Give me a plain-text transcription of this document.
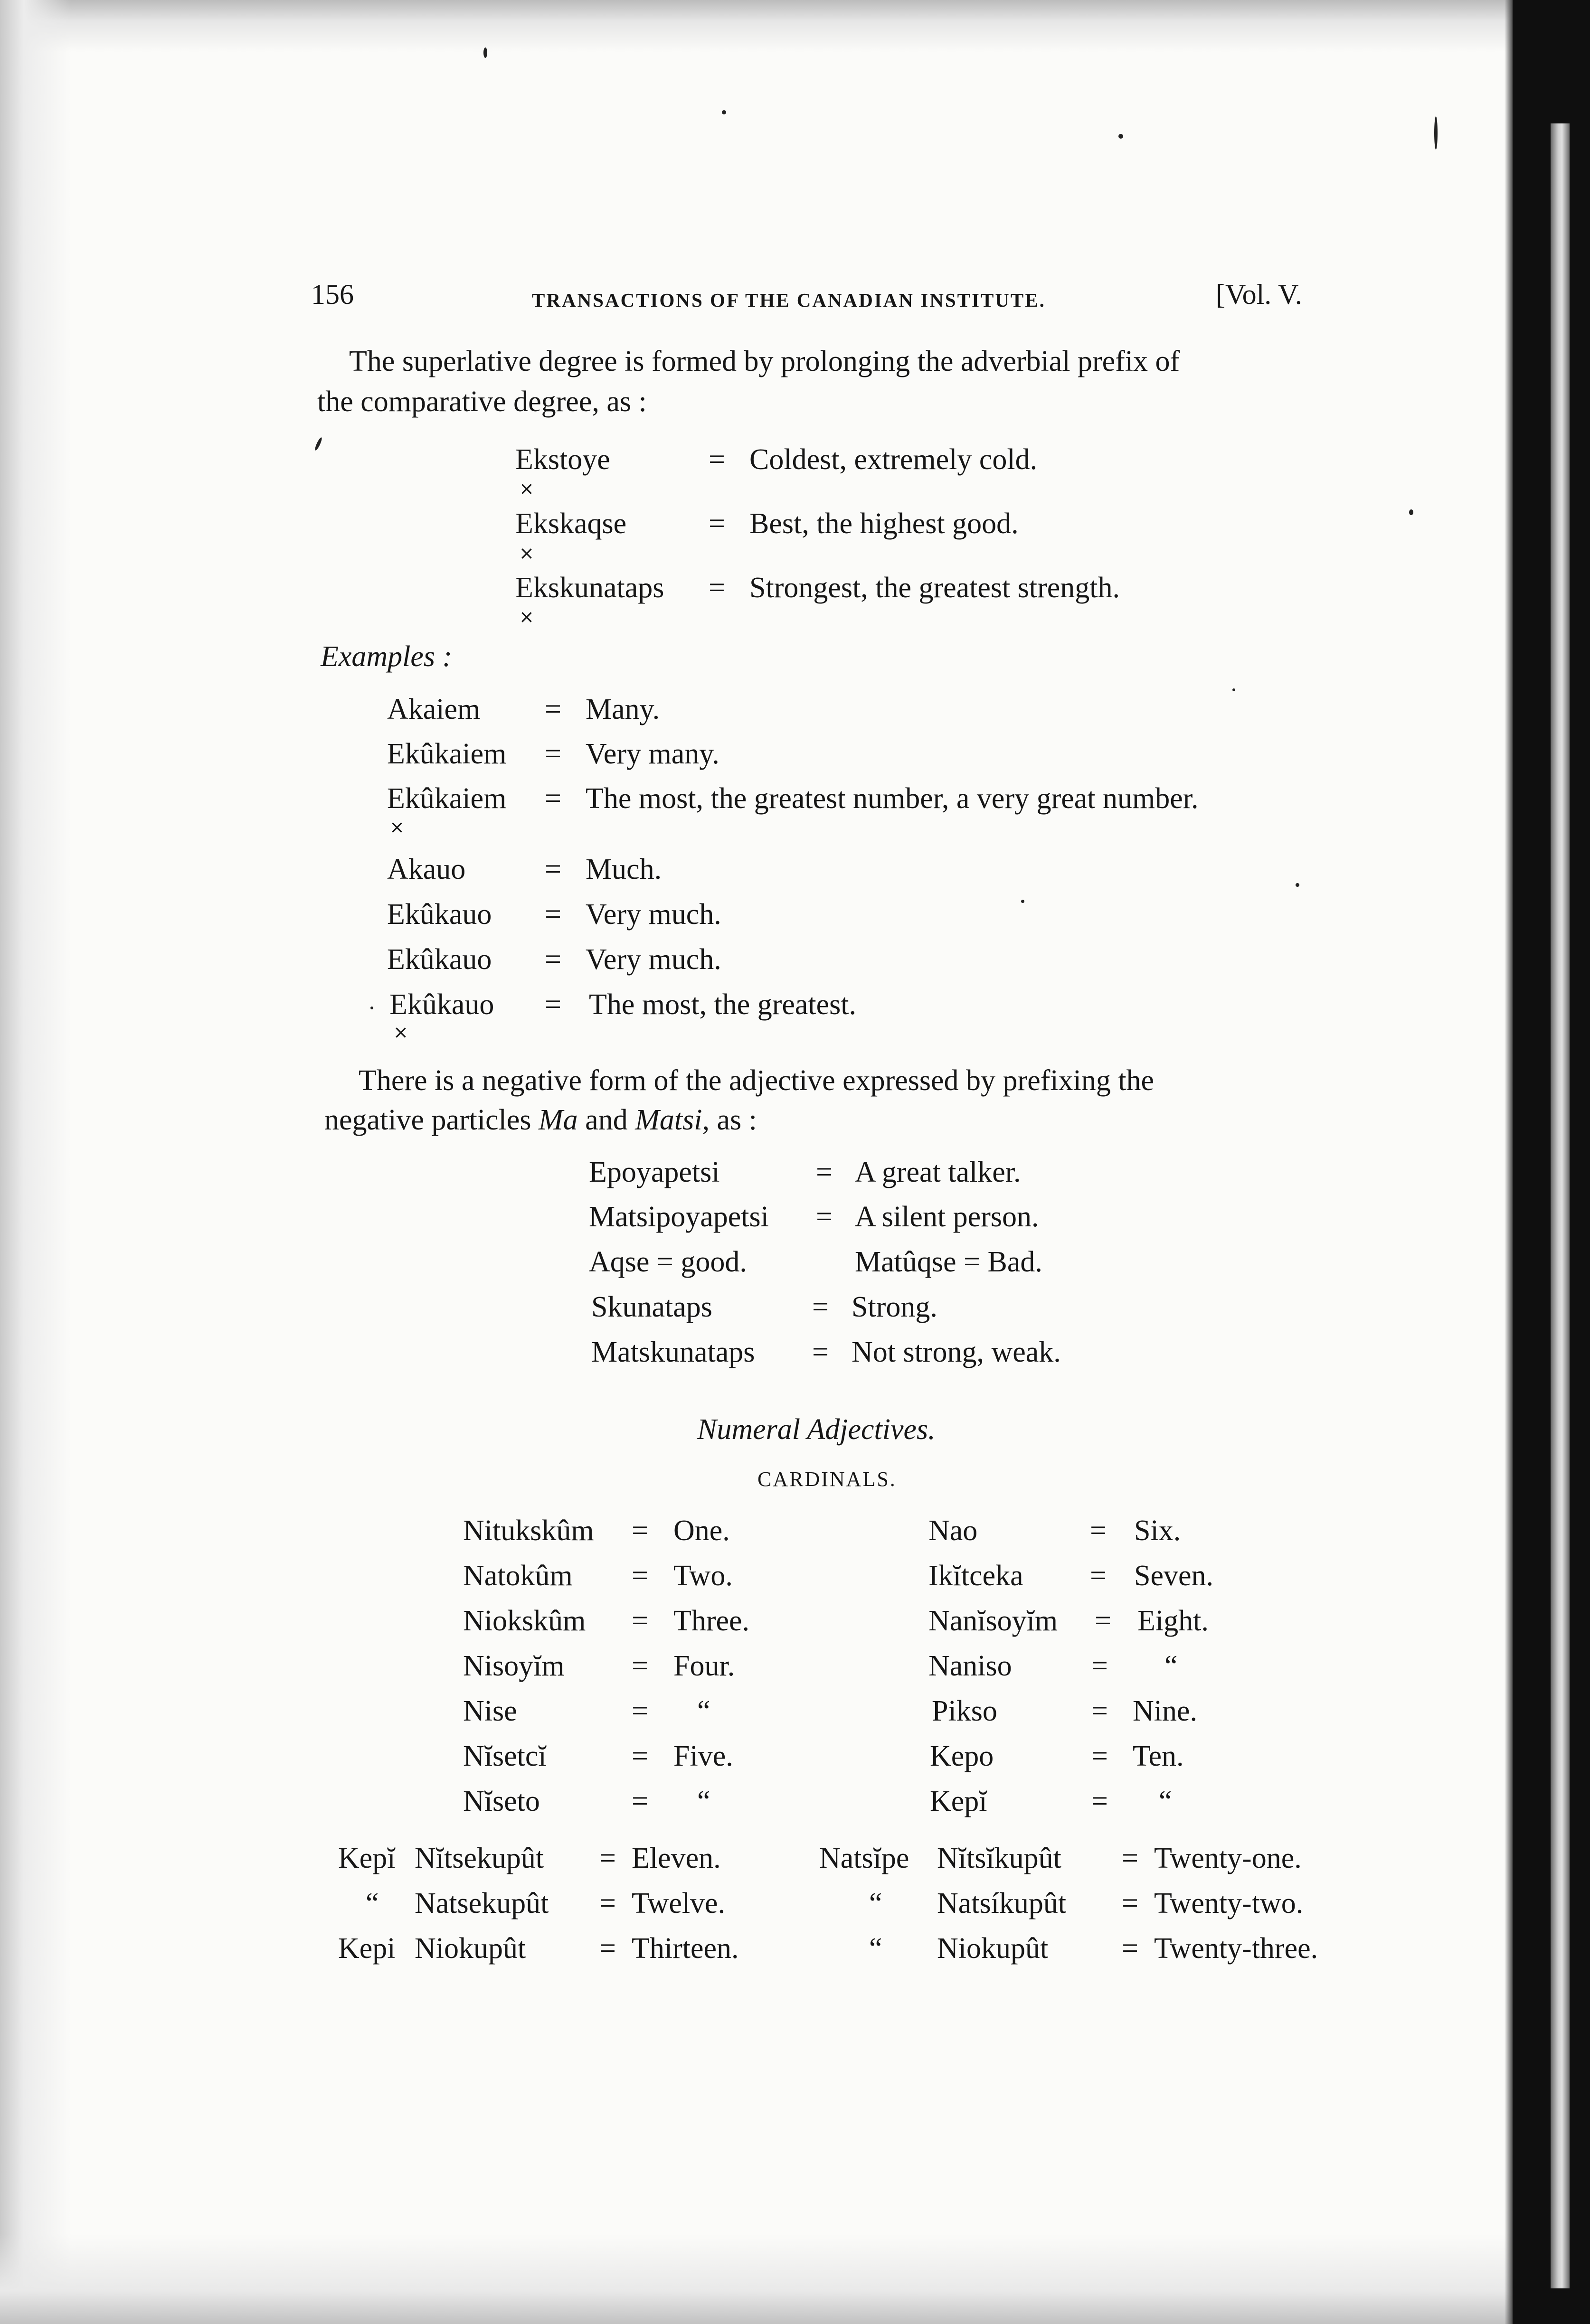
156	TRANSACTIONS OF THE CANADIAN INSTITUTE.	[Vol. V.
The superlative degree is formed by prolonging the adverbial prefix of
the comparative degree, as :
Ekstoye	= Coldest, extremely cold.
×
Ekskaqse	= Best, the highest good.
×
Ekskunataps = Strongest, the greatest strength.
×
Examples :
Akaiem = Many.
Ekûkaiem = Very many.
Ekûkaiem = The most, the greatest number, a very great number.
×
Akauo	= Much.
Ekûkauo = Very much.
Ekûkauo = Very much.
Ekûkauo = The most, the greatest.
×
There is a negative form of the adjective expressed by prefixing the
negative particles Ma and Matsi, as :
Epoyapetsi	= A great talker.
Matsipoyapetsi = A silent person.
Aqse = good.	Matûqse = Bad.
Skunataps	= Strong.
Matskunataps = Not strong, weak.
Numeral Adjectives.
CARDINALS.
Nitukskûm = One.
Natokûm = Two.
Niokskûm = Three.
Nisoyĭm = Four.
Nise	= “
Nĭsetcĭ	= Five.
Nĭseto	= “
Nao	= Six.
Ikĭtceka = Seven.
Nanĭsoyĭm = Eight.
Naniso	= “
Pikso	= Nine.
Kepo	= Ten.
Kepĭ	= “
Kepĭ Nĭtsekupût = Eleven.
“ Natsekupût = Twelve.
Kepi Niokupût = Thirteen.
Natsĭpe Nĭtsĭkupût = Twenty-one.
“ Natsíkupût = Twenty-two.
“ Niokupût = Twenty-three.
